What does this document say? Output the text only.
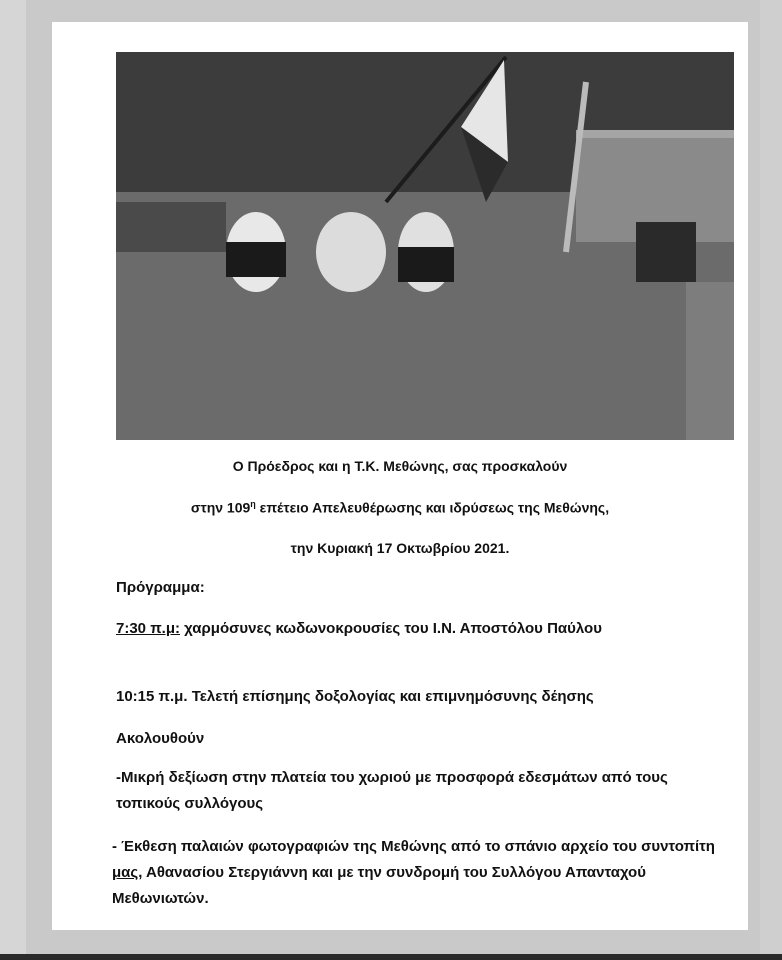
Ο Πρόεδρος και η Τ.Κ. Μεθώνης, σας προσκαλούν
στην $109^\eta$ επέτειο Απελευθέρωσης και ιδρύσεως της Μεθώνης,
την Κυριακή 17 Οκτωβρίου 2021.
Πρόγραμμα:
7:30 π.μ: χαρμόσυνες κωδωνοκρουσίες του Ι.Ν. Αποστόλου Παύλου
10:15 π.μ. Τελετή επίσημης δοξολογίας και επιμνημόσυνης δέησης
Ακολουθούν
-Μικρή δεξίωση στην πλατεία του χωριού με προσφορά εδεσμάτων από τους τοπικούς συλλόγους
- Έκθεση παλαιών φωτογραφιών της Μεθώνης από το σπάνιο αρχείο του συντοπίτη μας, Αθανασίου Στεργιάννη και με την συνδρομή του Συλλόγου Απανταχού Μεθωνιωτών.
